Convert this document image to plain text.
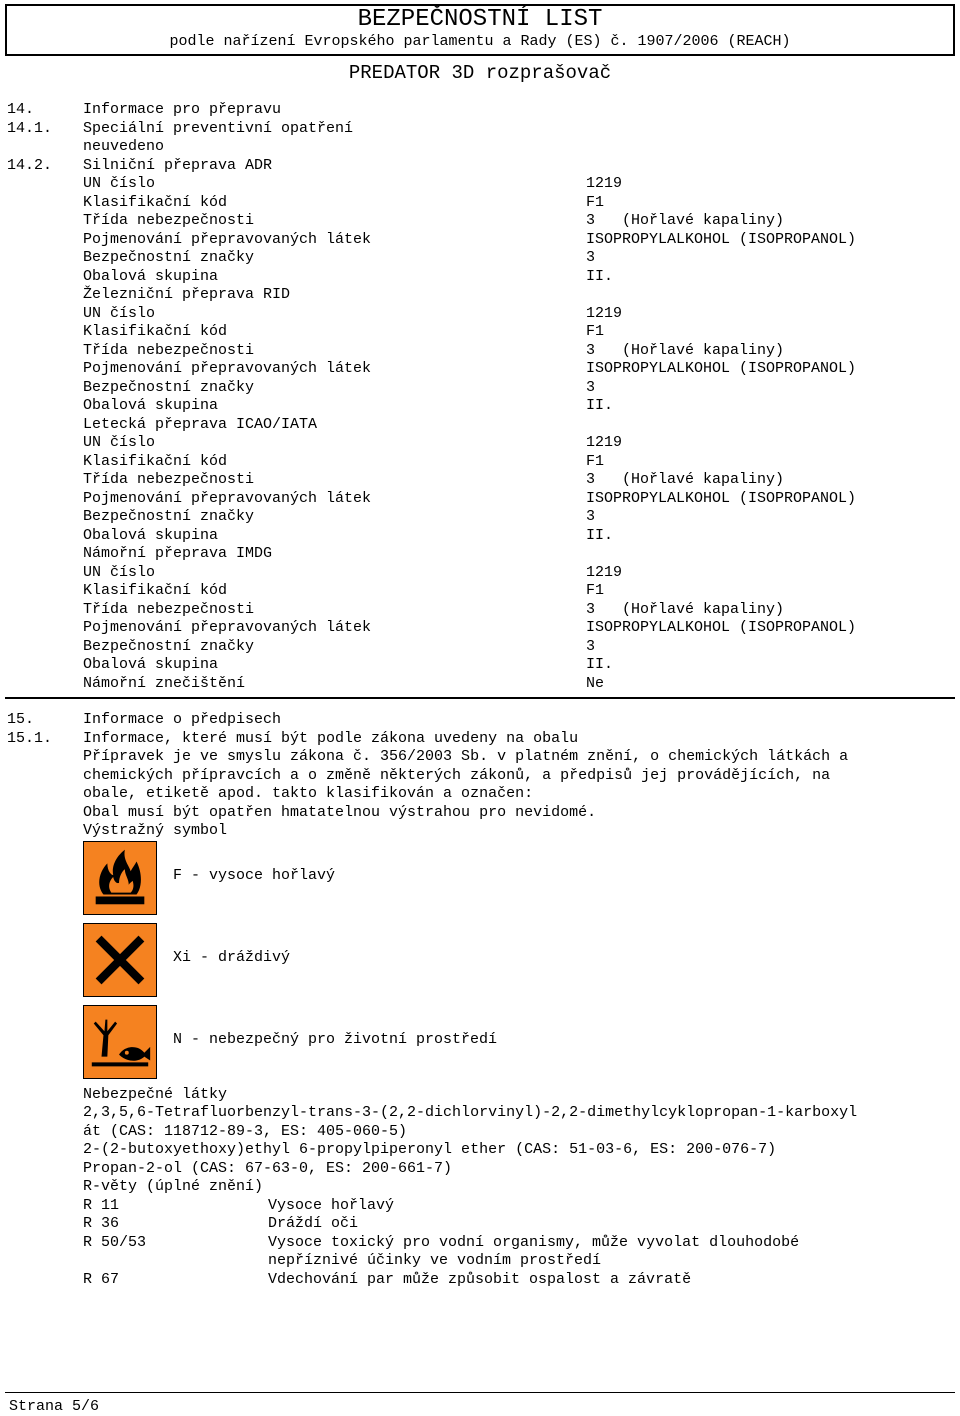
BEZPEČNOSTNÍ LIST
podle nařízení Evropského parlamentu a Rady (ES) č. 1907/2006 (REACH)
PREDATOR 3D rozprašovač
14.	Informace pro přepravu
14.1. Speciální preventivní opatření
neuvedeno
14.2. Silniční přeprava ADR
UN číslo	1219
Klasifikační kód	F1
Třída nebezpečnosti	3   (Hořlavé kapaliny)
Pojmenování přepravovaných látek	ISOPROPYLALKOHOL (ISOPROPANOL)
Bezpečnostní značky	3
Obalová skupina	II.
Železniční přeprava RID
UN číslo	1219
Klasifikační kód	F1
Třída nebezpečnosti	3   (Hořlavé kapaliny)
Pojmenování přepravovaných látek	ISOPROPYLALKOHOL (ISOPROPANOL)
Bezpečnostní značky	3
Obalová skupina	II.
Letecká přeprava ICAO/IATA
UN číslo	1219
Klasifikační kód	F1
Třída nebezpečnosti	3   (Hořlavé kapaliny)
Pojmenování přepravovaných látek	ISOPROPYLALKOHOL (ISOPROPANOL)
Bezpečnostní značky	3
Obalová skupina	II.
Námořní přeprava IMDG
UN číslo	1219
Klasifikační kód	F1
Třída nebezpečnosti	3   (Hořlavé kapaliny)
Pojmenování přepravovaných látek	ISOPROPYLALKOHOL (ISOPROPANOL)
Bezpečnostní značky	3
Obalová skupina	II.
Námořní znečištění	Ne
15.	Informace o předpisech
15.1. Informace, které musí být podle zákona uvedeny na obalu
Přípravek je ve smyslu zákona č. 356/2003 Sb. v platném znění, o chemických látkách a
chemických přípravcích a o změně některých zákonů, a předpisů jej provádějících, na
obale, etiketě apod. takto klasifikován a označen:
Obal musí být opatřen hmatatelnou výstrahou pro nevidomé.
Výstražný symbol
F - vysoce hořlavý
Xi - dráždivý
N - nebezpečný pro životní prostředí
Nebezpečné látky
2,3,5,6-Tetrafluorbenzyl-trans-3-(2,2-dichlorvinyl)-2,2-dimethylcyklopropan-1-karboxyl
át (CAS: 118712-89-3, ES: 405-060-5)
2-(2-butoxyethoxy)ethyl 6-propylpiperonyl ether (CAS: 51-03-6, ES: 200-076-7)
Propan-2-ol (CAS: 67-63-0, ES: 200-661-7)
R-věty (úplné znění)
R 11	Vysoce hořlavý
R 36	Dráždí oči
R 50/53	Vysoce toxický pro vodní organismy, může vyvolat dlouhodobé
nepříznivé účinky ve vodním prostředí
R 67	Vdechování par může způsobit ospalost a závratě
Strana 5/6
